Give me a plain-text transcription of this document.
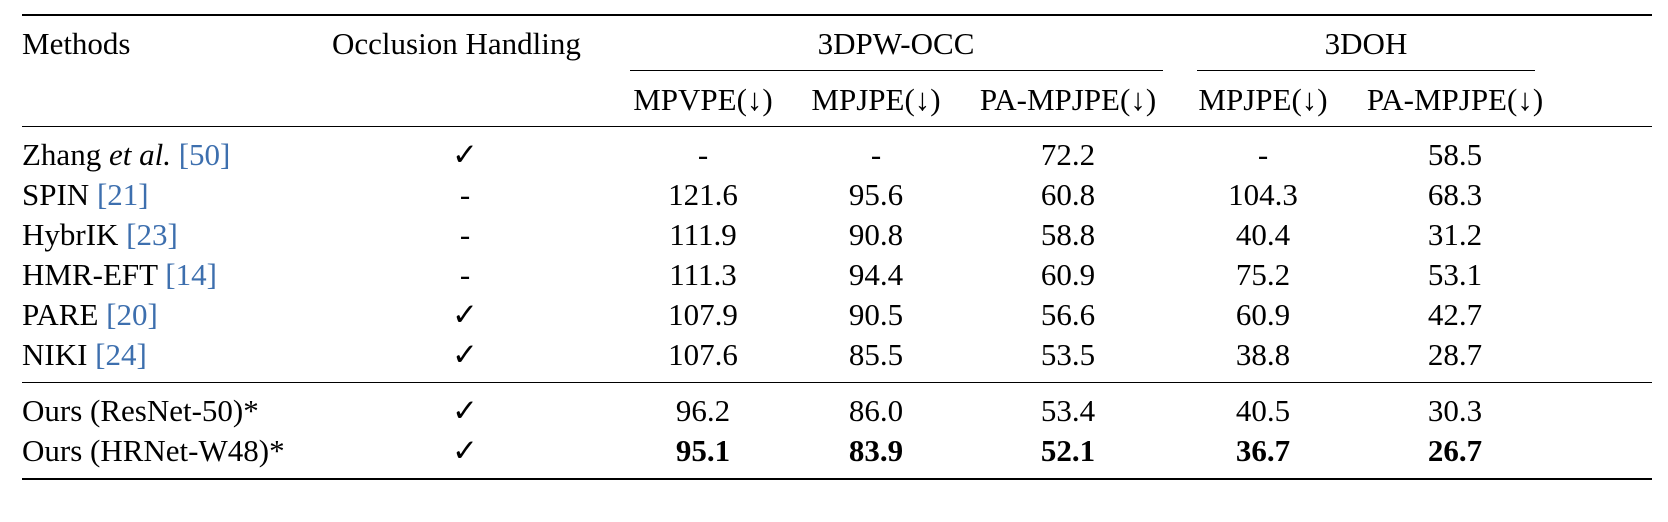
Methods	Occlusion Handling	3DPW-OCC	3DOH
MPVPE(↓) MPJPE(↓) PA-MPJPE(↓) MPJPE(↓) PA-MPJPE(↓)
Zhang et al. [50]	✓	-	-	72.2	-	58.5
SPIN [21]	-	121.6	95.6	60.8	104.3	68.3
HybrIK [23]	-	111.9	90.8	58.8	40.4	31.2
HMR-EFT [14]	-	111.3	94.4	60.9	75.2	53.1
PARE [20]	✓	107.9	90.5	56.6	60.9	42.7
NIKI [24]	✓	107.6	85.5	53.5	38.8	28.7
Ours (ResNet-50)*	✓	96.2	86.0	53.4	40.5	30.3
Ours (HRNet-W48)*	✓	95.1	83.9	52.1	36.7	26.7
